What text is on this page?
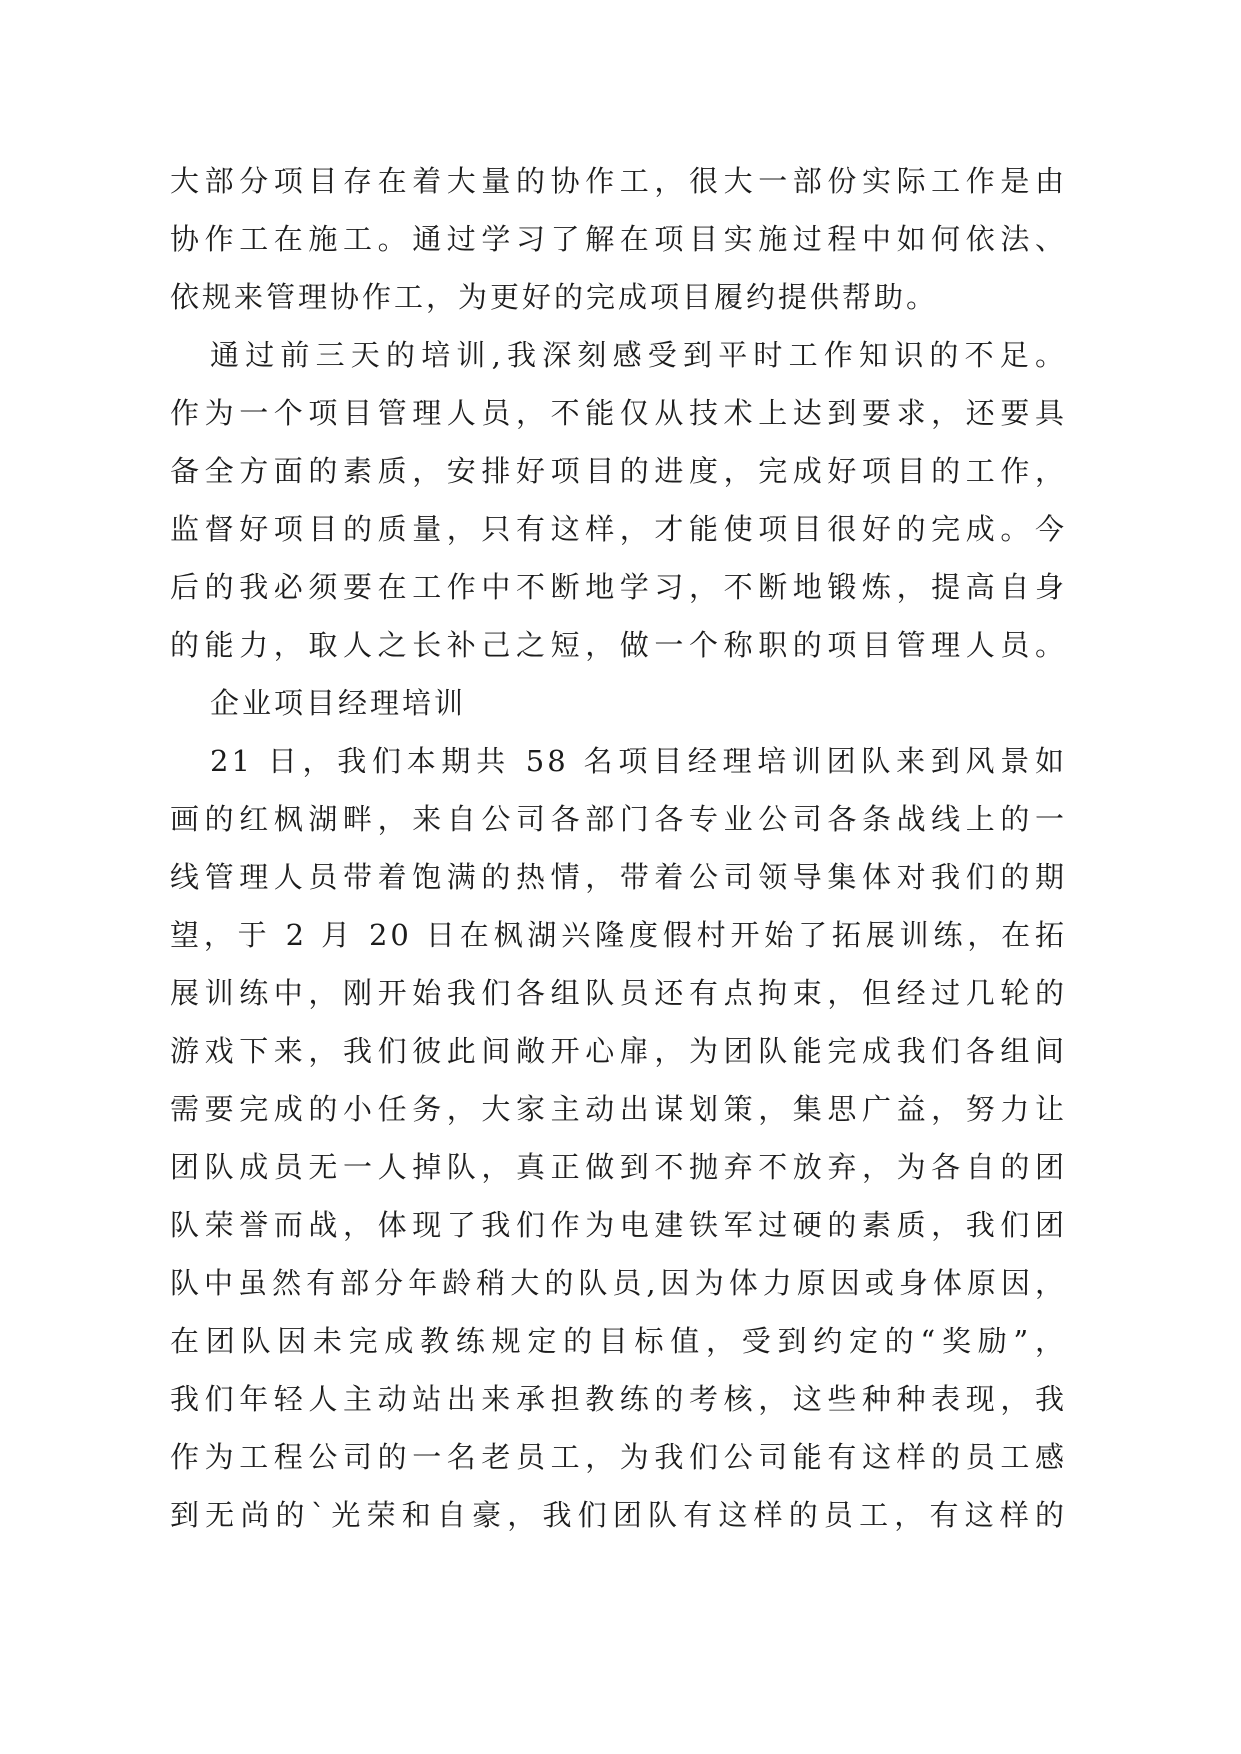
大部分项目存在着大量的协作工，很大一部份实际工作是由
协作工在施工。通过学习了解在项目实施过程中如何依法、
依规来管理协作工，为更好的完成项目履约提供帮助。
通过前三天的培训,我深刻感受到平时工作知识的不足。
作为一个项目管理人员，不能仅从技术上达到要求，还要具
备全方面的素质，安排好项目的进度，完成好项目的工作，
监督好项目的质量，只有这样，才能使项目很好的完成。今
后的我必须要在工作中不断地学习，不断地锻炼，提高自身
的能力，取人之长补己之短，做一个称职的项目管理人员。
企业项目经理培训
21 日，我们本期共 58 名项目经理培训团队来到风景如
画的红枫湖畔，来自公司各部门各专业公司各条战线上的一
线管理人员带着饱满的热情，带着公司领导集体对我们的期
望，于 2 月 20 日在枫湖兴隆度假村开始了拓展训练，在拓
展训练中，刚开始我们各组队员还有点拘束，但经过几轮的
游戏下来，我们彼此间敞开心扉，为团队能完成我们各组间
需要完成的小任务，大家主动出谋划策，集思广益，努力让
团队成员无一人掉队，真正做到不抛弃不放弃，为各自的团
队荣誉而战，体现了我们作为电建铁军过硬的素质，我们团
队中虽然有部分年龄稍大的队员,因为体力原因或身体原因，
在团队因未完成教练规定的目标值，受到约定的“奖励”，
我们年轻人主动站出来承担教练的考核，这些种种表现，我
作为工程公司的一名老员工，为我们公司能有这样的员工感
到无尚的`光荣和自豪，我们团队有这样的员工，有这样的
